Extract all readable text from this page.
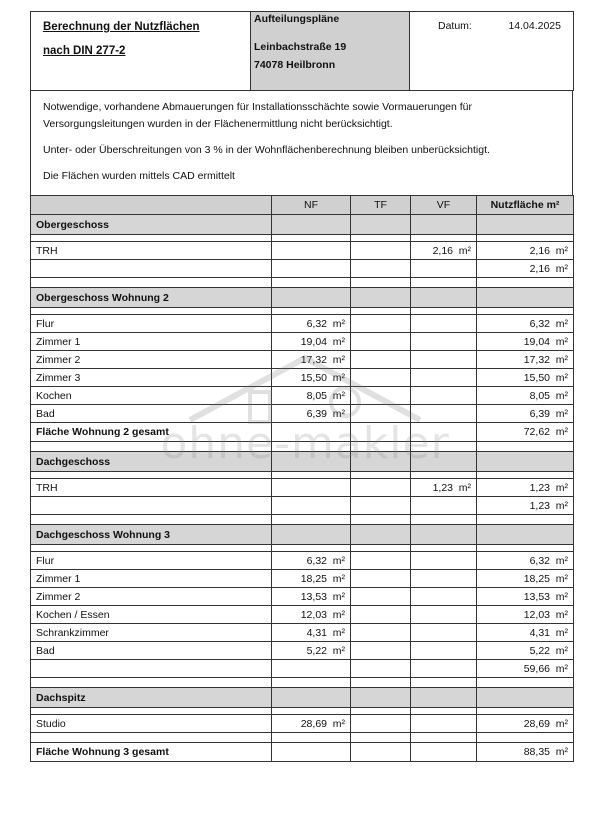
Berechnung der Nutzflächen
nach DIN 277-2

Aufteilungspläne
Leinbachstraße 19
74078 Heilbronn
	Datum:	14.04.2025

Notwendige, vorhandene Abmauerungen für Installationsschächte sowie Vormauerungen für Versorgungsleitungen wurden in der Flächenermittlung nicht berücksichtigt.

Unter- oder Überschreitungen von 3 % in der Wohnflächenberechnung bleiben unberücksichtigt.

Die Flächen wurden mittels CAD ermittelt

	NF	TF	VF	Nutzfläche m²
Obergeschoss				

TRH			2,16 m²	2,16 m²
				2,16 m²

Obergeschoss Wohnung 2				

Flur	6,32 m²			6,32 m²
Zimmer 1	19,04 m²			19,04 m²
Zimmer 2	17,32 m²			17,32 m²
Zimmer 3	15,50 m²			15,50 m²
Kochen	8,05 m²			8,05 m²
Bad	6,39 m²			6,39 m²
Fläche Wohnung 2 gesamt				72,62 m²

Dachgeschoss				

TRH			1,23 m²	1,23 m²
				1,23 m²

Dachgeschoss Wohnung 3				

Flur	6,32 m²			6,32 m²
Zimmer 1	18,25 m²			18,25 m²
Zimmer 2	13,53 m²			13,53 m²
Kochen / Essen	12,03 m²			12,03 m²
Schrankzimmer	4,31 m²			4,31 m²
Bad	5,22 m²			5,22 m²
				59,66 m²

Dachspitz				

Studio	28,69 m²			28,69 m²

Fläche Wohnung 3 gesamt				88,35 m²
ohne-makler
